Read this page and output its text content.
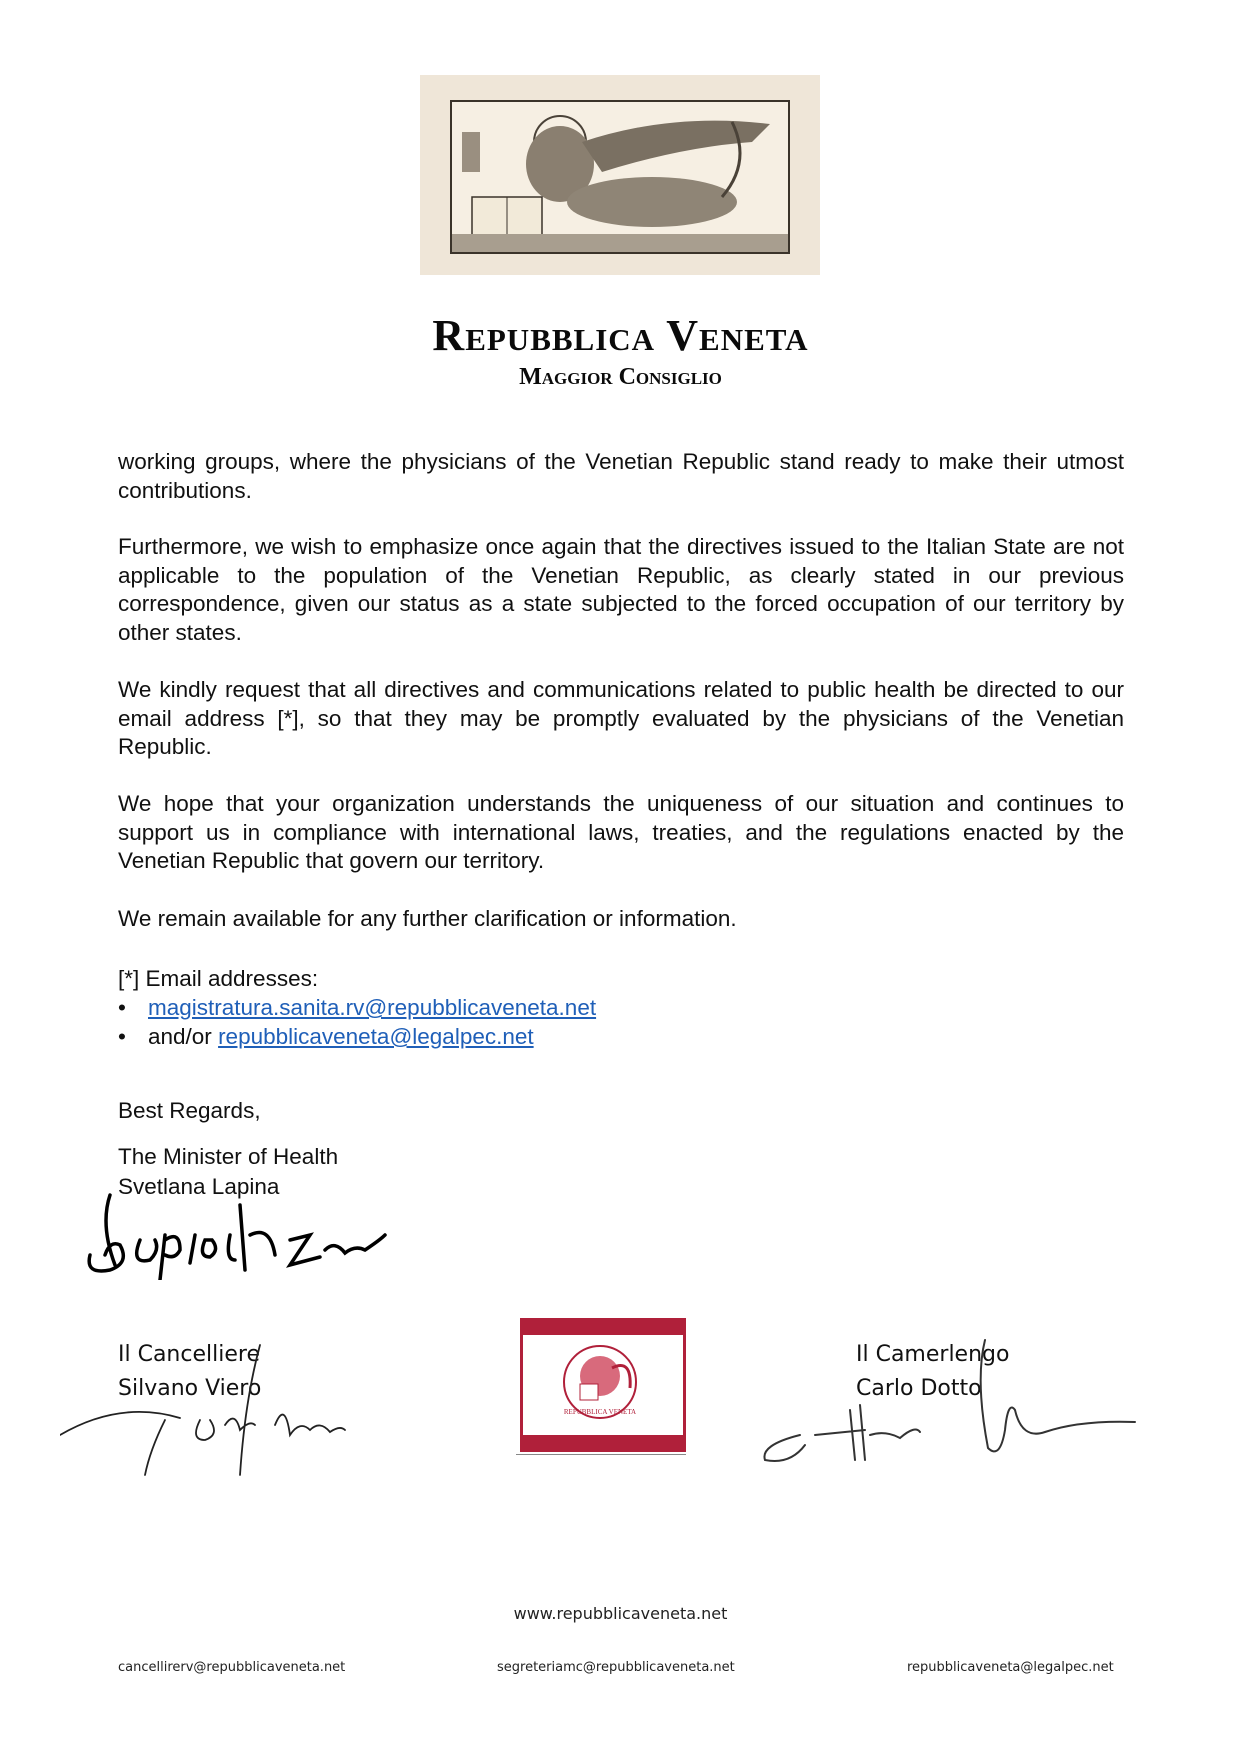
Repubblica Veneta
Maggior Consiglio

working groups, where the physicians of the Venetian Republic stand ready to make their utmost contributions.

Furthermore, we wish to emphasize once again that the directives issued to the Italian State are not applicable to the population of the Venetian Republic, as clearly stated in our previous correspondence, given our status as a state subjected to the forced occupation of our territory by other states.

We kindly request that all directives and communications related to public health be directed to our email address [*], so that they may be promptly evaluated by the physicians of the Venetian Republic.

We hope that your organization understands the uniqueness of our situation and continues to support us in compliance with international laws, treaties, and the regulations enacted by the Venetian Republic that govern our territory.

We remain available for any further clarification or information.

[*] Email addresses:
• magistratura.sanita.rv@repubblicaveneta.net
• and/or repubblicaveneta@legalpec.net
Best Regards,
The Minister of Health
Svetlana Lapina
Il Cancelliere
Silvano Viero
REPUBBLICA VENETA
Il Camerlengo
Carlo Dotto
www.repubblicaveneta.net
cancellirerv@repubblicaveneta.net	segreteriamc@repubblicaveneta.net	repubblicaveneta@legalpec.net
